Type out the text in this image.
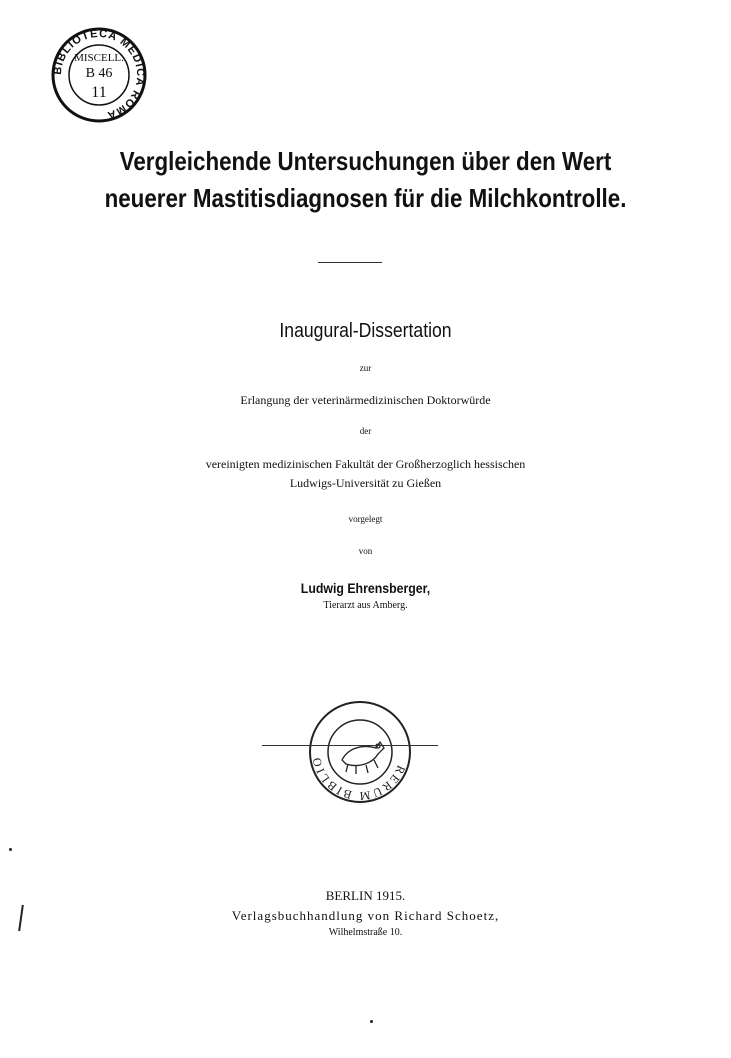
BIBLIOTECA MEDICA ROMA
MISCELL.
B 46
11
Vergleichende Untersuchungen über den Wert
neuerer Mastitisdiagnosen für die Milchkontrolle.
Inaugural-Dissertation
zur
Erlangung der veterinärmedizinischen Doktorwürde
der
vereinigten medizinischen Fakultät der Großherzoglich hessischen
Ludwigs-Universität zu Gießen
vorgelegt
von
Ludwig Ehrensberger,
Tierarzt aus Amberg.
RERUM BIBLIO
BERLIN 1915.
Verlagsbuchhandlung von Richard Schoetz,
Wilhelmstraße 10.
